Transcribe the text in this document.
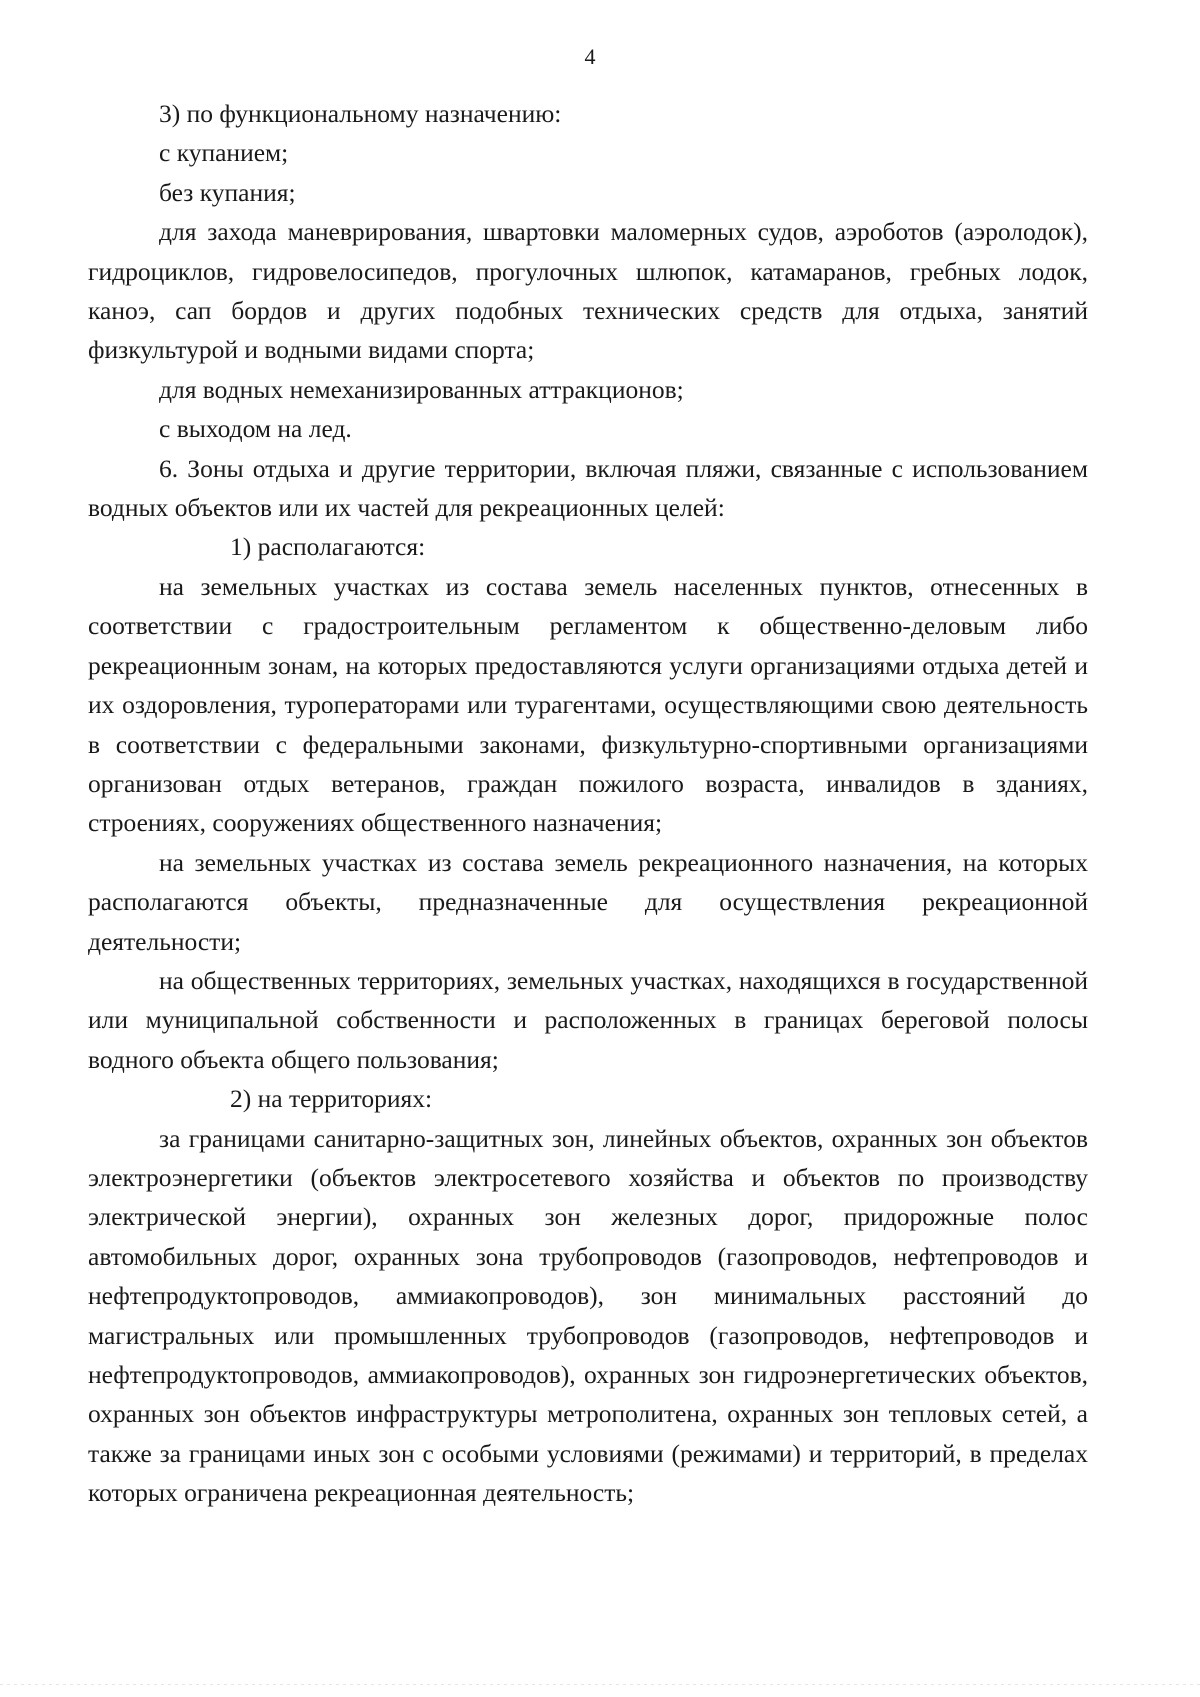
4

3) по функциональному назначению:

с купанием;

без купания;

для захода маневрирования, швартовки маломерных судов, аэроботов (аэролодок), гидроциклов, гидровелосипедов, прогулочных шлюпок, катамаранов, гребных лодок, каноэ, сап бордов и других подобных технических средств для отдыха, занятий физкультурой и водными видами спорта;

для водных немеханизированных аттракционов;

с выходом на лед.

6. Зоны отдыха и другие территории, включая пляжи, связанные с использованием водных объектов или их частей для рекреационных целей:

1) располагаются:

на земельных участках из состава земель населенных пунктов, отнесенных в соответствии с градостроительным регламентом к общественно-деловым либо рекреационным зонам, на которых предоставляются услуги организациями отдыха детей и их оздоровления, туроператорами или турагентами, осуществляющими свою деятельность в соответствии с федеральными законами, физкультурно-спортивными организациями организован отдых ветеранов, граждан пожилого возраста, инвалидов в зданиях, строениях, сооружениях общественного назначения;

на земельных участках из состава земель рекреационного назначения, на которых располагаются объекты, предназначенные для осуществления рекреационной деятельности;

на общественных территориях, земельных участках, находящихся в государственной или муниципальной собственности и расположенных в границах береговой полосы водного объекта общего пользования;

2) на территориях:

за границами санитарно-защитных зон, линейных объектов, охранных зон объектов электроэнергетики (объектов электросетевого хозяйства и объектов по производству электрической энергии), охранных зон железных дорог, придорожные полос автомобильных дорог, охранных зона трубопроводов (газопроводов, нефтепроводов и нефтепродуктопроводов, аммиакопроводов), зон минимальных расстояний до магистральных или промышленных трубопроводов (газопроводов, нефтепроводов и нефтепродуктопроводов, аммиакопроводов), охранных зон гидроэнергетических объектов, охранных зон объектов инфраструктуры метрополитена, охранных зон тепловых сетей, а также за границами иных зон с особыми условиями (режимами) и территорий, в пределах которых ограничена рекреационная деятельность;
